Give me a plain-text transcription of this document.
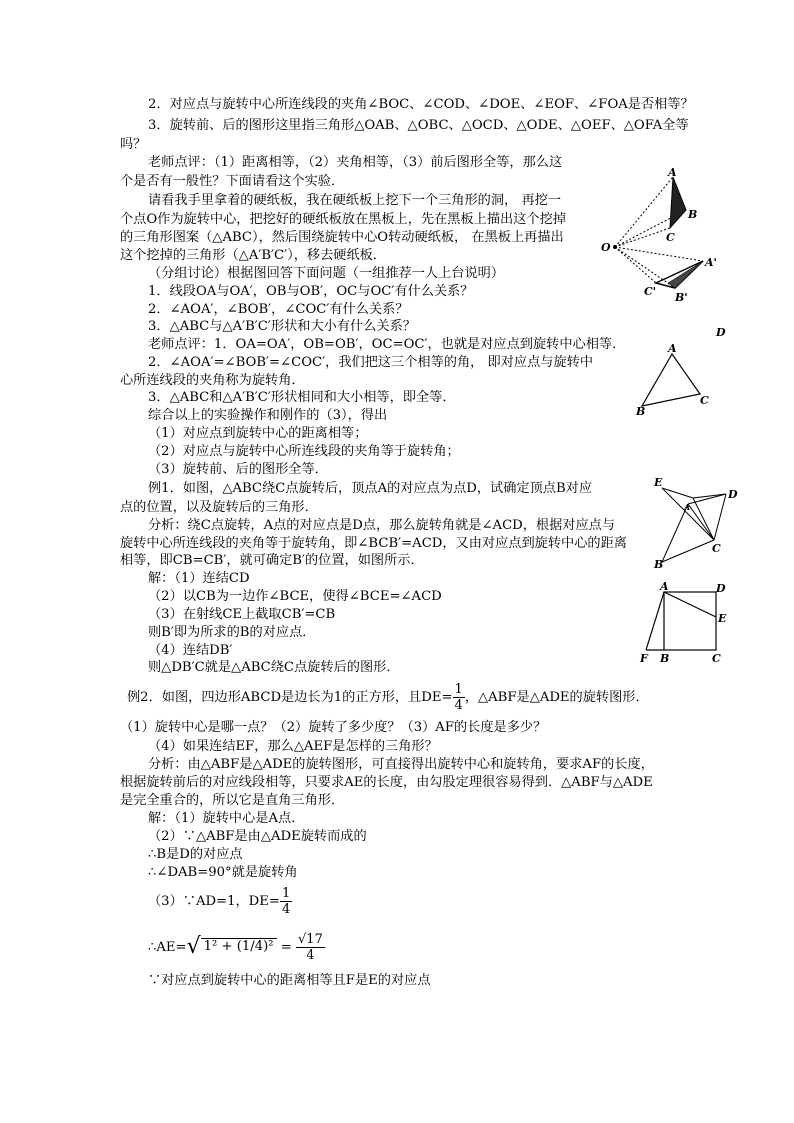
2．对应点与旋转中心所连线段的夹角∠BOC、∠COD、∠DOE、∠EOF、∠FOA是否相等？
3．旋转前、后的图形这里指三角形△OAB、△OBC、△OCD、△ODE、△OEF、△OFA全等
吗？
老师点评：（1）距离相等，（2）夹角相等，（3）前后图形全等，那么这
个是否有一般性？下面请看这个实验．
请看我手里拿着的硬纸板，我在硬纸板上挖下一个三角形的洞， 再挖一
个点O作为旋转中心，把挖好的硬纸板放在黑板上，先在黑板上描出这个挖掉
的三角形图案（△ABC），然后围绕旋转中心O转动硬纸板， 在黑板上再描出
这个挖掉的三角形（△A′B′C′），移去硬纸板．
（分组讨论）根据图回答下面问题（一组推荐一人上台说明）
1．线段OA与OA′，OB与OB′，OC与OC′有什么关系？
2．∠AOA′，∠BOB′，∠COC′有什么关系？
3．△ABC与△A′B′C′形状和大小有什么关系？
老师点评：1．OA=OA′，OB=OB′，OC=OC′，也就是对应点到旋转中心相等．
2．∠AOA′=∠BOB′=∠COC′，我们把这三个相等的角， 即对应点与旋转中
心所连线段的夹角称为旋转角．
3．△ABC和△A′B′C′形状相同和大小相等，即全等．
综合以上的实验操作和刚作的（3），得出
（1）对应点到旋转中心的距离相等；
（2）对应点与旋转中心所连线段的夹角等于旋转角；
（3）旋转前、后的图形全等．
例1．如图，△ABC绕C点旋转后，顶点A的对应点为点D，试确定顶点B对应
点的位置，以及旋转后的三角形．
分析：绕C点旋转，A点的对应点是D点，那么旋转角就是∠ACD，根据对应点与
旋转中心所连线段的夹角等于旋转角，即∠BCB′=ACD，又由对应点到旋转中心的距离
相等，即CB=CB′，就可确定B′的位置，如图所示．
解：（1）连结CD
（2）以CB为一边作∠BCE，使得∠BCE=∠ACD
（3）在射线CE上截取CB′=CB
则B′即为所求的B的对应点．
（4）连结DB′
则△DB′C就是△ABC绕C点旋转后的图形．
例2．如图，四边形ABCD是边长为1的正方形，且$DE= \frac{1}{4}$ ，△ABF是△ADE的旋转图形．
（1）旋转中心是哪一点？（2）旋转了多少度？（3）AF的长度是多少？
（4）如果连结EF，那么△AEF是怎样的三角形？
分析：由△ABF是△ADE的旋转图形，可直接得出旋转中心和旋转角，要求AF的长度，
根据旋转前后的对应线段相等，只要求AE的长度，由勾股定理很容易得到．△ABF与△ADE
是完全重合的，所以它是直角三角形．
解：（1）旋转中心是A点．
（2）∵△ABF是由△ADE旋转而成的
∴B是D的对应点
∴∠DAB=90°就是旋转角
（3）∵AD=1，$DE= \frac{1}{4}$
∴AE=√ $1^2 + (1/4)^2 = \frac{√17}{4}$
∵对应点到旋转中心的距离相等且F是E的对应点
A
B
C
O
A'
B'
C'
D
A
B
C
E
D
A
B
C
A	D
E
F B	C
